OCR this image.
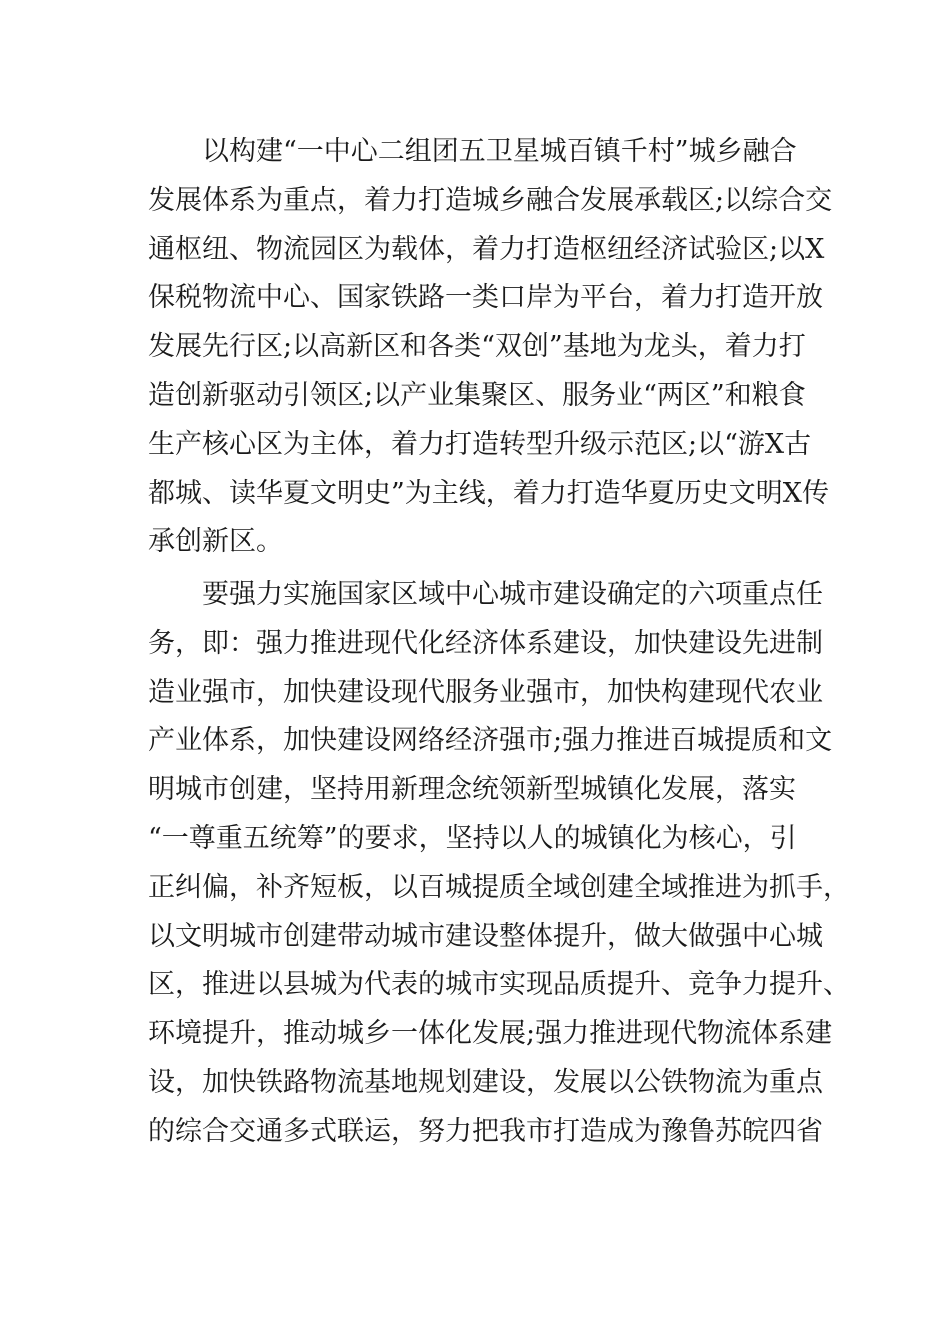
以构建“一中心二组团五卫星城百镇千村”城乡融合
发展体系为重点，着力打造城乡融合发展承载区;以综合交
通枢纽、物流园区为载体，着力打造枢纽经济试验区;以X
保税物流中心、国家铁路一类口岸为平台，着力打造开放
发展先行区;以高新区和各类“双创”基地为龙头，着力打
造创新驱动引领区;以产业集聚区、服务业“两区”和粮食
生产核心区为主体，着力打造转型升级示范区;以“游X古
都城、读华夏文明史”为主线，着力打造华夏历史文明X传
承创新区。
要强力实施国家区域中心城市建设确定的六项重点任
务，即：强力推进现代化经济体系建设，加快建设先进制
造业强市，加快建设现代服务业强市，加快构建现代农业
产业体系，加快建设网络经济强市;强力推进百城提质和文
明城市创建，坚持用新理念统领新型城镇化发展，落实
“一尊重五统筹”的要求，坚持以人的城镇化为核心，引
正纠偏，补齐短板，以百城提质全域创建全域推进为抓手，
以文明城市创建带动城市建设整体提升，做大做强中心城
区，推进以县城为代表的城市实现品质提升、竞争力提升、
环境提升，推动城乡一体化发展;强力推进现代物流体系建
设，加快铁路物流基地规划建设，发展以公铁物流为重点
的综合交通多式联运，努力把我市打造成为豫鲁苏皖四省
